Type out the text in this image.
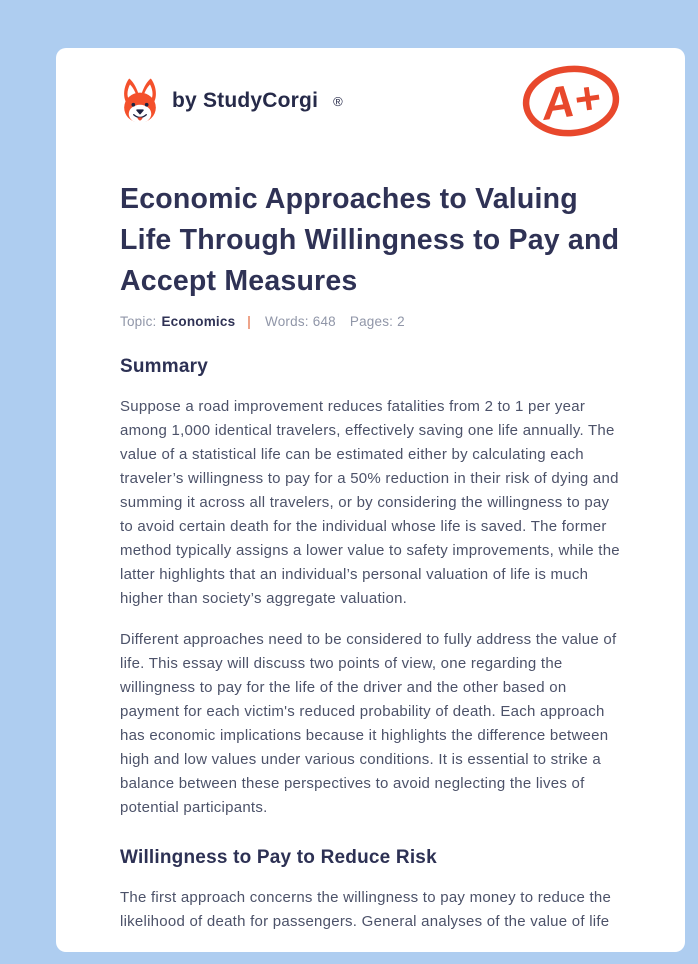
by StudyCorgi ®	A+
Economic Approaches to Valuing Life Through Willingness to Pay and Accept Measures
Topic: Economics | Words: 648 Pages: 2
Summary

Suppose a road improvement reduces fatalities from 2 to 1 per year among 1,000 identical travelers, effectively saving one life annually. The value of a statistical life can be estimated either by calculating each traveler’s willingness to pay for a 50% reduction in their risk of dying and summing it across all travelers, or by considering the willingness to pay to avoid certain death for the individual whose life is saved. The former method typically assigns a lower value to safety improvements, while the latter highlights that an individual’s personal valuation of life is much higher than society’s aggregate valuation.

Different approaches need to be considered to fully address the value of life. This essay will discuss two points of view, one regarding the willingness to pay for the life of the driver and the other based on payment for each victim's reduced probability of death. Each approach has economic implications because it highlights the difference between high and low values under various conditions. It is essential to strike a balance between these perspectives to avoid neglecting the lives of potential participants.

Willingness to Pay to Reduce Risk

The first approach concerns the willingness to pay money to reduce the likelihood of death for passengers. General analyses of the value of life
